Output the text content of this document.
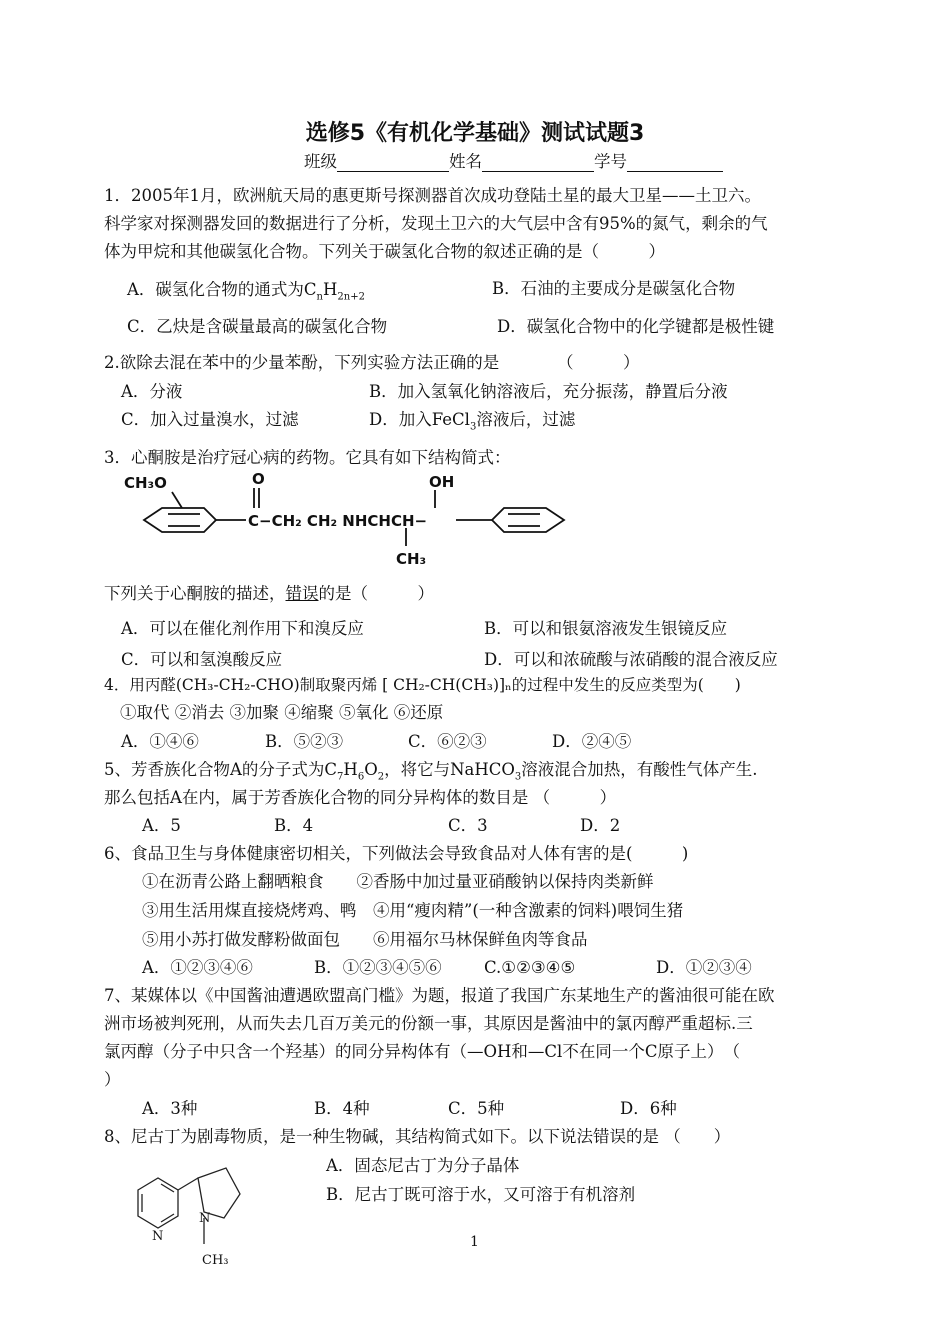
选修5《有机化学基础》测试试题3
班级	姓名	学号
1．2005年1月，欧洲航天局的惠更斯号探测器首次成功登陆土星的最大卫星——土卫六。
科学家对探测器发回的数据进行了分析，发现土卫六的大气层中含有95%的氮气，剩余的气
体为甲烷和其他碳氢化合物。下列关于碳氢化合物的叙述正确的是（　　　）
A．碳氢化合物的通式为$C_nH_{2n+2}$	B．石油的主要成分是碳氢化合物
C．乙炔是含碳量最高的碳氢化合物	D．碳氢化合物中的化学键都是极性键
2.欲除去混在苯中的少量苯酚，下列实验方法正确的是　　　　（　　　）
A．分液	B．加入氢氧化钠溶液后，充分振荡，静置后分液
C．加入过量溴水，过滤	D．加入FeCl$_3$溶液后，过滤
3．心酮胺是治疗冠心病的药物。它具有如下结构简式：
CH₃O	O
C−CH₂ CH₂ NHCHCH−
OH
CH₃
下列关于心酮胺的描述，错误的是（　　　）
A．可以在催化剂作用下和溴反应	B．可以和银氨溶液发生银镜反应
C．可以和氢溴酸反应	D．可以和浓硫酸与浓硝酸的混合液反应
4．用丙醛(CH₃-CH₂-CHO)制取聚丙烯 [ CH₂-CH(CH₃)]ₙ的过程中发生的反应类型为(　　)
①取代 ②消去 ③加聚 ④缩聚 ⑤氧化 ⑥还原
A．①④⑥	B．⑤②③	C．⑥②③	D．②④⑤
5、芳香族化合物A的分子式为$C_7H_6O_2$，将它与NaHCO$_3$溶液混合加热，有酸性气体产生.
那么包括A在内，属于芳香族化合物的同分异构体的数目是 （　　　）
A．5	B．4	C．3	D．2
6、食品卫生与身体健康密切相关，下列做法会导致食品对人体有害的是(　　　)
①在沥青公路上翻晒粮食　　②香肠中加过量亚硝酸钠以保持肉类新鲜
③用生活用煤直接烧烤鸡、鸭　④用“瘦肉精”(一种含激素的饲料)喂饲生猪
⑤用小苏打做发酵粉做面包　　⑥用福尔马林保鲜鱼肉等食品
A．①②③④⑥	B．①②③④⑤⑥	C.①②③④⑤	D．①②③④
7、某媒体以《中国酱油遭遇欧盟高门槛》为题，报道了我国广东某地生产的酱油很可能在欧
洲市场被判死刑，从而失去几百万美元的份额一事，其原因是酱油中的氯丙醇严重超标.三
氯丙醇（分子中只含一个羟基）的同分异构体有（—OH和—Cl不在同一个C原子上）　（
）
A．3种	B．4种	C．5种	D．6种
8、尼古丁为剧毒物质，是一种生物碱，其结构简式如下。以下说法错误的是 （　　）
A．固态尼古丁为分子晶体
B．尼古丁既可溶于水，又可溶于有机溶剂
N
N
CH₃
1
